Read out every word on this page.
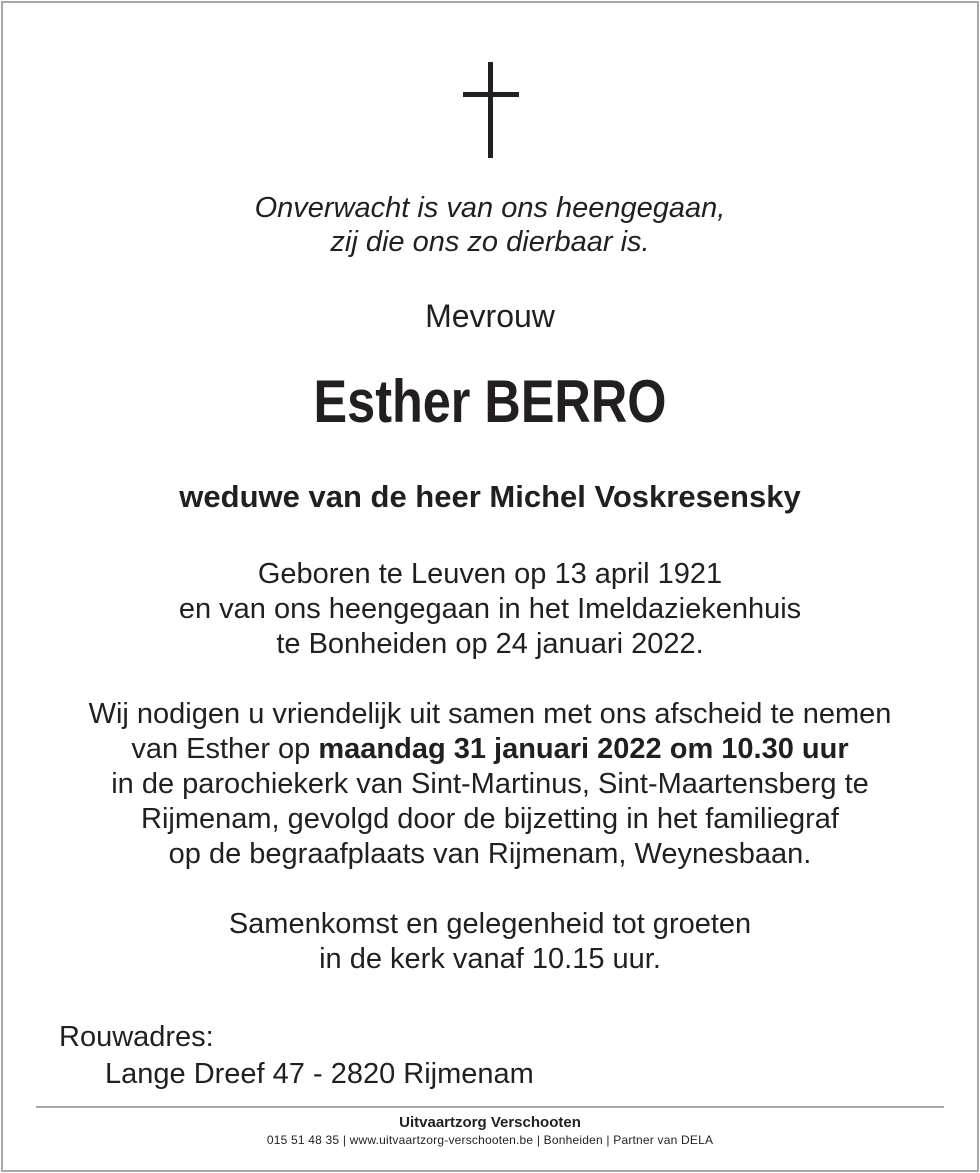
Onverwacht is van ons heengegaan,
zij die ons zo dierbaar is.
Mevrouw
Esther BERRO
weduwe van de heer Michel Voskresensky
Geboren te Leuven op 13 april 1921
en van ons heengegaan in het Imeldaziekenhuis
te Bonheiden op 24 januari 2022.
Wij nodigen u vriendelijk uit samen met ons afscheid te nemen
van Esther op maandag 31 januari 2022 om 10.30 uur
in de parochiekerk van Sint-Martinus, Sint-Maartensberg te
Rijmenam, gevolgd door de bijzetting in het familiegraf
op de begraafplaats van Rijmenam, Weynesbaan.
Samenkomst en gelegenheid tot groeten
in de kerk vanaf 10.15 uur.
Rouwadres:
Lange Dreef 47 - 2820 Rijmenam
Uitvaartzorg Verschooten
015 51 48 35 | www.uitvaartzorg-verschooten.be | Bonheiden | Partner van DELA
